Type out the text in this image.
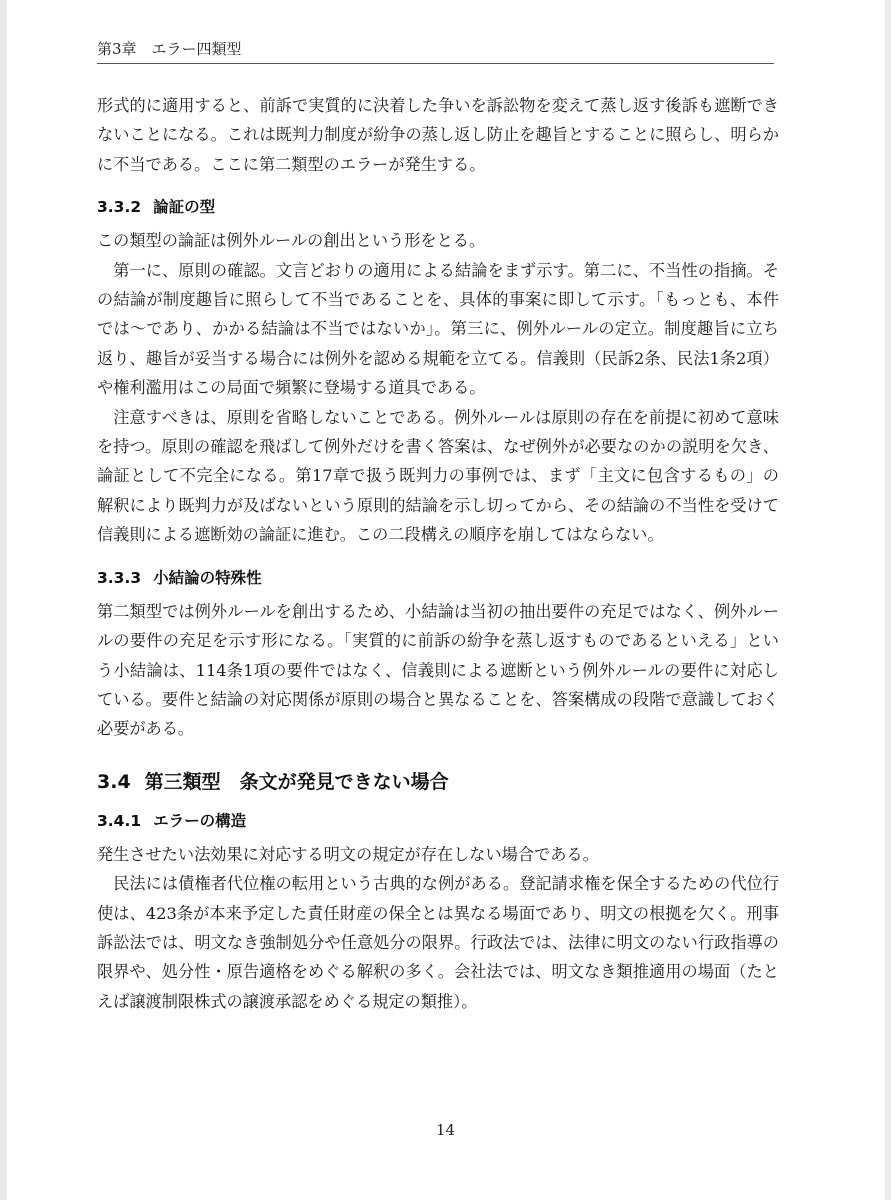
第3章　エラー四類型

形式的に適用すると、前訴で実質的に決着した争いを訴訟物を変えて蒸し返す後訴も遮断できないことになる。これは既判力制度が紛争の蒸し返し防止を趣旨とすることに照らし、明らかに不当である。ここに第二類型のエラーが発生する。

3.3.2 論証の型

この類型の論証は例外ルールの創出という形をとる。

第一に、原則の確認。文言どおりの適用による結論をまず示す。第二に、不当性の指摘。その結論が制度趣旨に照らして不当であることを、具体的事案に即して示す。「もっとも、本件では〜であり、かかる結論は不当ではないか」。第三に、例外ルールの定立。制度趣旨に立ち返り、趣旨が妥当する場合には例外を認める規範を立てる。信義則（民訴2条、民法1条2項）や権利濫用はこの局面で頻繁に登場する道具である。

注意すべきは、原則を省略しないことである。例外ルールは原則の存在を前提に初めて意味を持つ。原則の確認を飛ばして例外だけを書く答案は、なぜ例外が必要なのかの説明を欠き、論証として不完全になる。第17章で扱う既判力の事例では、まず「主文に包含するもの」の解釈により既判力が及ばないという原則的結論を示し切ってから、その結論の不当性を受けて信義則による遮断効の論証に進む。この二段構えの順序を崩してはならない。

3.3.3 小結論の特殊性

第二類型では例外ルールを創出するため、小結論は当初の抽出要件の充足ではなく、例外ルールの要件の充足を示す形になる。「実質的に前訴の紛争を蒸し返すものであるといえる」という小結論は、114条1項の要件ではなく、信義則による遮断という例外ルールの要件に対応している。要件と結論の対応関係が原則の場合と異なることを、答案構成の段階で意識しておく必要がある。

3.4 第三類型　条文が発見できない場合
3.4.1 エラーの構造

発生させたい法効果に対応する明文の規定が存在しない場合である。

民法には債権者代位権の転用という古典的な例がある。登記請求権を保全するための代位行使は、423条が本来予定した責任財産の保全とは異なる場面であり、明文の根拠を欠く。刑事訴訟法では、明文なき強制処分や任意処分の限界。行政法では、法律に明文のない行政指導の限界や、処分性・原告適格をめぐる解釈の多く。会社法では、明文なき類推適用の場面（たとえば譲渡制限株式の譲渡承認をめぐる規定の類推）。

14
